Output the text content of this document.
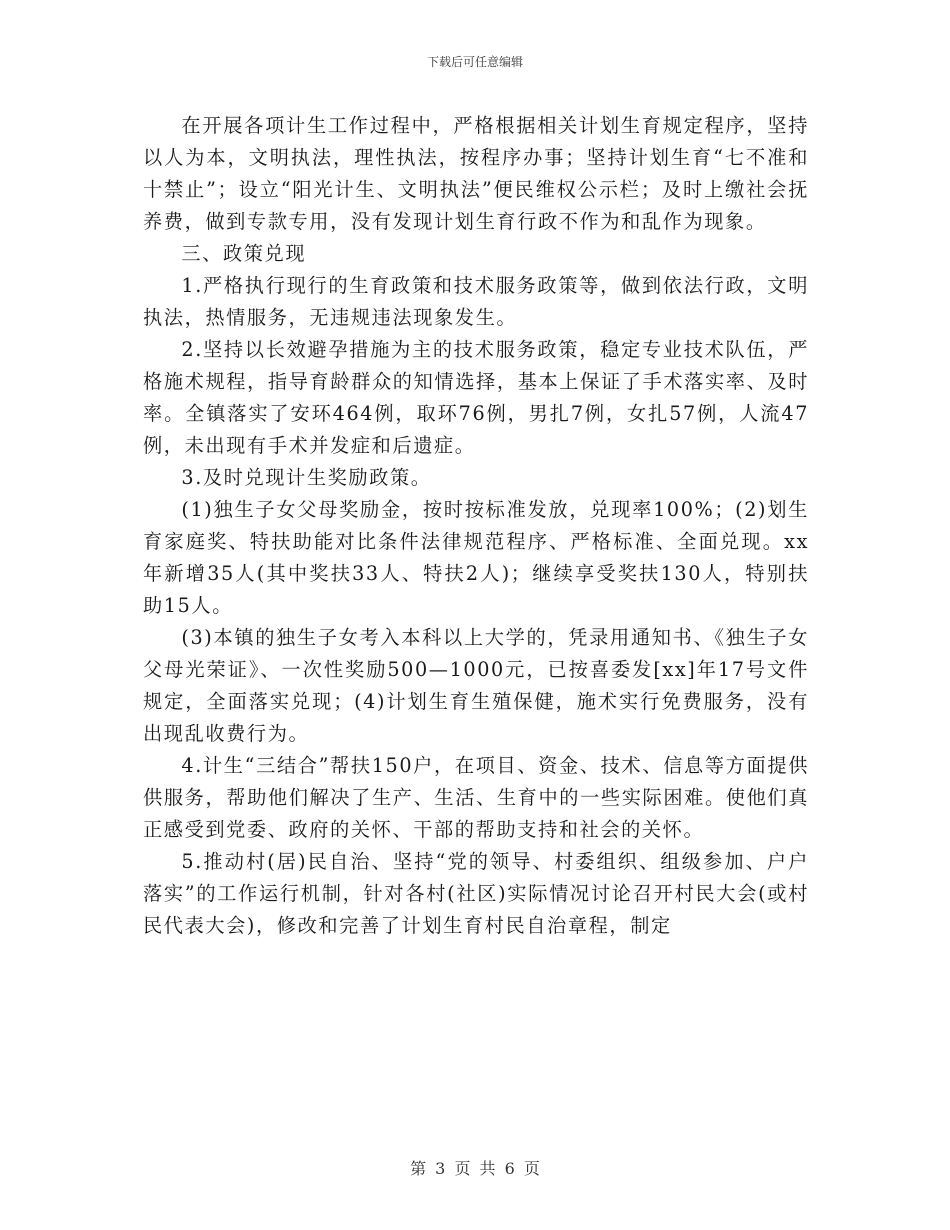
下载后可任意编辑

在开展各项计生工作过程中，严格根据相关计划生育规定程序，坚持以人为本，文明执法，理性执法，按程序办事；坚持计划生育“七不准和十禁止”；设立“阳光计生、文明执法”便民维权公示栏；及时上缴社会抚养费，做到专款专用，没有发现计划生育行政不作为和乱作为现象。

三、政策兑现

1.严格执行现行的生育政策和技术服务政策等，做到依法行政，文明执法，热情服务，无违规违法现象发生。

2.坚持以长效避孕措施为主的技术服务政策，稳定专业技术队伍，严格施术规程，指导育龄群众的知情选择，基本上保证了手术落实率、及时率。全镇落实了安环464例，取环76例，男扎7例，女扎57例，人流47例，未出现有手术并发症和后遗症。

3.及时兑现计生奖励政策。

(1)独生子女父母奖励金，按时按标准发放，兑现率100%；(2)划生育家庭奖、特扶助能对比条件法律规范程序、严格标准、全面兑现。xx年新增35人(其中奖扶33人、特扶2人)；继续享受奖扶130人，特别扶助15人。

(3)本镇的独生子女考入本科以上大学的，凭录用通知书、《独生子女父母光荣证》、一次性奖励500—1000元，已按喜委发[xx]年17号文件规定，全面落实兑现；(4)计划生育生殖保健，施术实行免费服务，没有出现乱收费行为。

4.计生“三结合”帮扶150户，在项目、资金、技术、信息等方面提供供服务，帮助他们解决了生产、生活、生育中的一些实际困难。使他们真正感受到党委、政府的关怀、干部的帮助支持和社会的关怀。

5.推动村(居)民自治、坚持“党的领导、村委组织、组级参加、户户落实”的工作运行机制，针对各村(社区)实际情况讨论召开村民大会(或村民代表大会)，修改和完善了计划生育村民自治章程，制定

第 3 页 共 6 页
